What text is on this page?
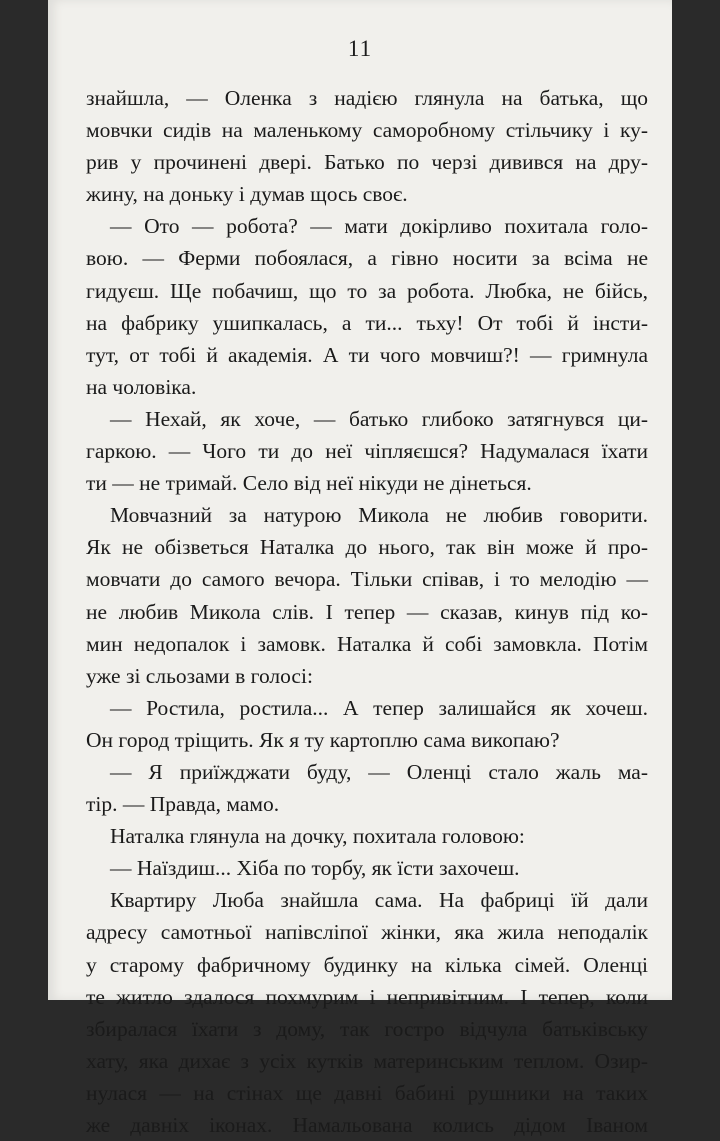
11
знайшла, — Оленка з надією глянула на батька, що
мовчки сидів на маленькому саморобному стільчику і ку-
рив у прочинені двері. Батько по черзі дивився на дру-
жину, на доньку і думав щось своє.
— Ото — робота? — мати докірливо похитала голо-
вою. — Ферми побоялася, а гівно носити за всіма не
гидуєш. Ще побачиш, що то за робота. Любка, не бійсь,
на фабрику ушипкалась, а ти... тьху! От тобі й інсти-
тут, от тобі й академія. А ти чого мовчиш?! — гримнула
на чоловіка.
— Нехай, як хоче, — батько глибоко затягнувся ци-
гаркою. — Чого ти до неї чіпляєшся? Надумалася їхати
ти — не тримай. Село від неї нікуди не дінеться.
Мовчазний за натурою Микола не любив говорити.
Як не обізветься Наталка до нього, так він може й про-
мовчати до самого вечора. Тільки співав, і то мелодію —
не любив Микола слів. І тепер — сказав, кинув під ко-
мин недопалок і замовк. Наталка й собі замовкла. Потім
уже зі сльозами в голосі:
— Ростила, ростила... А тепер залишайся як хочеш.
Он город тріщить. Як я ту картоплю сама викопаю?
— Я приїжджати буду, — Оленці стало жаль ма-
тір. — Правда, мамо.
Наталка глянула на дочку, похитала головою:
— Наїздиш... Хіба по торбу, як їсти захочеш.
Квартиру Люба знайшла сама. На фабриці їй дали
адресу самотньої напівсліпої жінки, яка жила неподалік
у старому фабричному будинку на кілька сімей. Оленці
те житло здалося похмурим і непривітним. І тепер, коли
збиралася їхати з дому, так гостро відчула батьківську
хату, яка дихає з усіх кутків материнським теплом. Озир-
нулася — на стінах ще давні бабині рушники на таких
же давніх іконах. Намальована колись дідом Іваном
